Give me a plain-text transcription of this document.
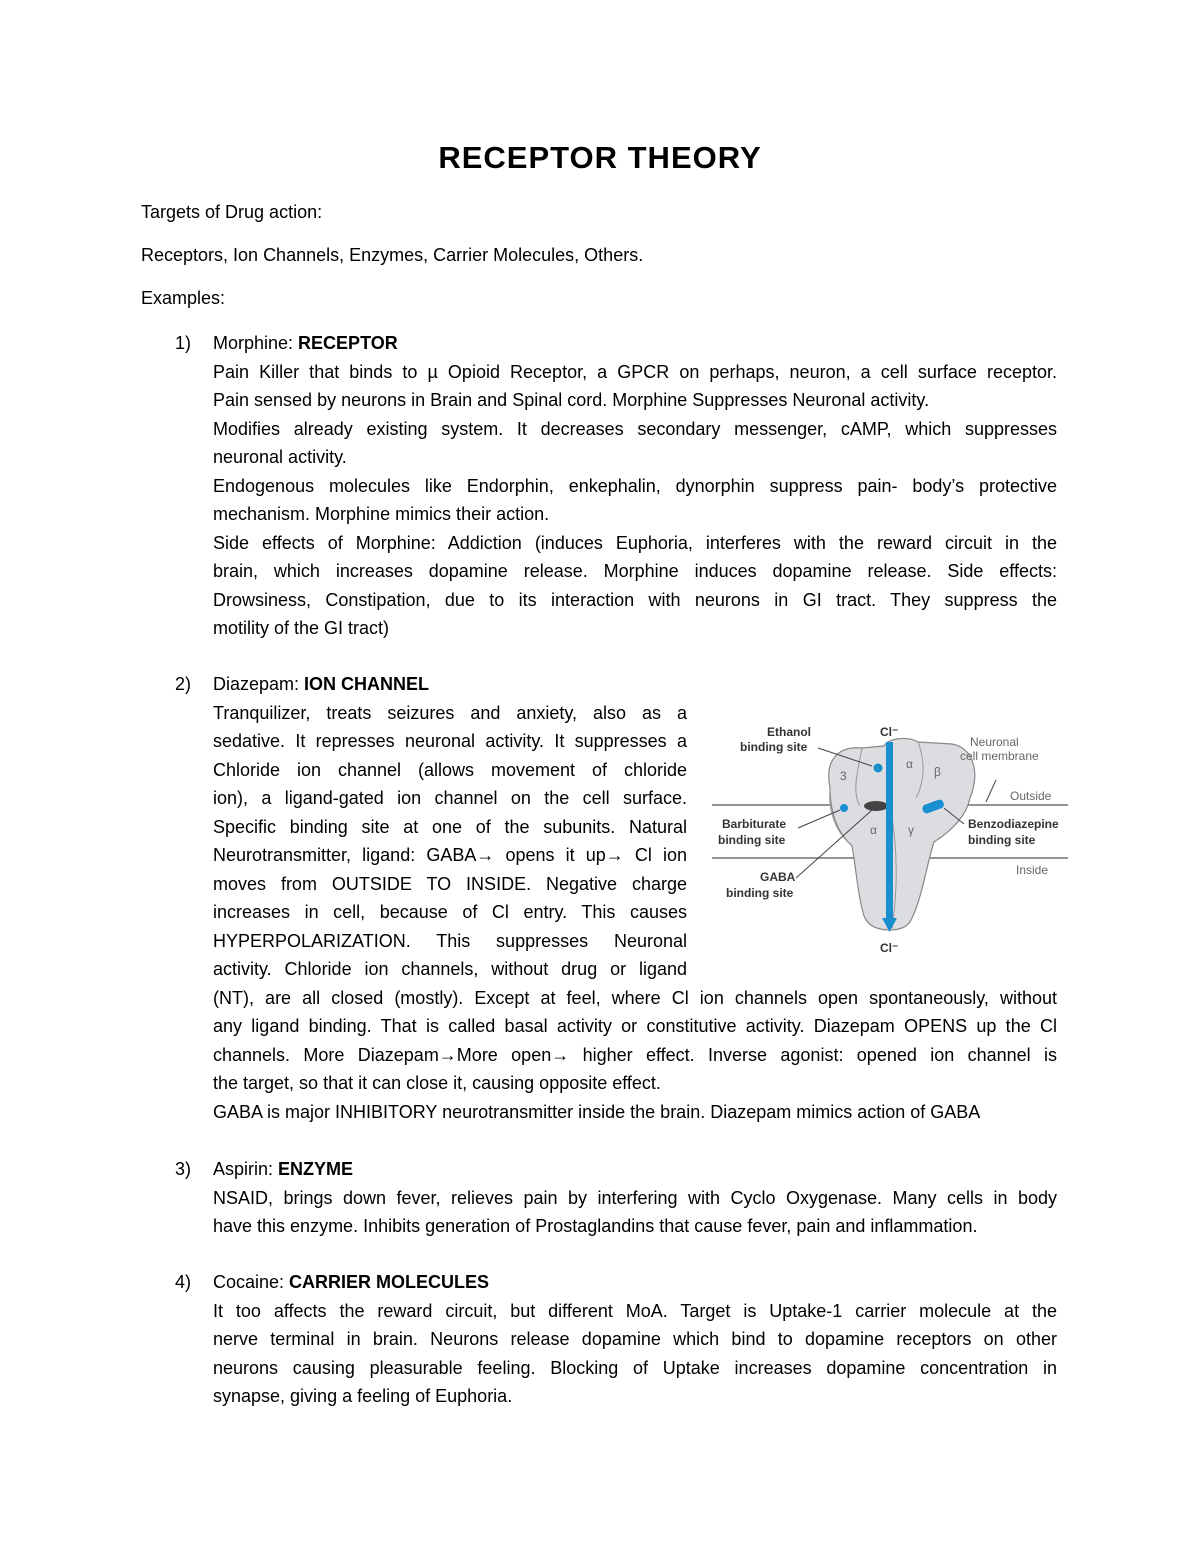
RECEPTOR THEORY
Targets of Drug action:
Receptors, Ion Channels, Enzymes, Carrier Molecules, Others.
Examples:
1) Morphine: RECEPTOR
Pain Killer that binds to µ Opioid Receptor, a GPCR on perhaps, neuron, a cell surface receptor.
Pain sensed by neurons in Brain and Spinal cord. Morphine Suppresses Neuronal activity.
Modifies already existing system. It decreases secondary messenger, cAMP, which suppresses
neuronal activity.
Endogenous molecules like Endorphin, enkephalin, dynorphin suppress pain- body’s protective
mechanism. Morphine mimics their action.
Side effects of Morphine: Addiction (induces Euphoria, interferes with the reward circuit in the
brain, which increases dopamine release. Morphine induces dopamine release. Side effects:
Drowsiness, Constipation, due to its interaction with neurons in GI tract. They suppress the
motility of the GI tract)
2) Diazepam: ION CHANNEL
Tranquilizer, treats seizures and anxiety, also as a
sedative. It represses neuronal activity. It suppresses a
Chloride ion channel (allows movement of chloride
ion), a ligand-gated ion channel on the cell surface.
Specific binding site at one of the subunits. Natural
Neurotransmitter, ligand: GABA→ opens it up→ Cl ion
moves from OUTSIDE TO INSIDE. Negative charge
increases in cell, because of Cl entry. This causes
HYPERPOLARIZATION. This suppresses Neuronal
activity. Chloride ion channels, without drug or ligand
(NT), are all closed (mostly). Except at feel, where Cl ion channels open spontaneously, without
any ligand binding. That is called basal activity or constitutive activity. Diazepam OPENS up the Cl
channels. More Diazepam→More open→ higher effect. Inverse agonist: opened ion channel is
the target, so that it can close it, causing opposite effect.
GABA is major INHIBITORY neurotransmitter inside the brain. Diazepam mimics action of GABA
3) Aspirin: ENZYME
NSAID, brings down fever, relieves pain by interfering with Cyclo Oxygenase. Many cells in body
have this enzyme. Inhibits generation of Prostaglandins that cause fever, pain and inflammation.
4) Cocaine: CARRIER MOLECULES
It too affects the reward circuit, but different MoA. Target is Uptake-1 carrier molecule at the
nerve terminal in brain. Neurons release dopamine which bind to dopamine receptors on other
neurons causing pleasurable feeling. Blocking of Uptake increases dopamine concentration in
synapse, giving a feeling of Euphoria.
3
α
β
α	γ
Ethanol
binding site
Cl⁻
Neuronal
cell membrane
Outside
Barbiturate
binding site
Benzodiazepine
binding site
Inside
GABA
binding site
Cl⁻
